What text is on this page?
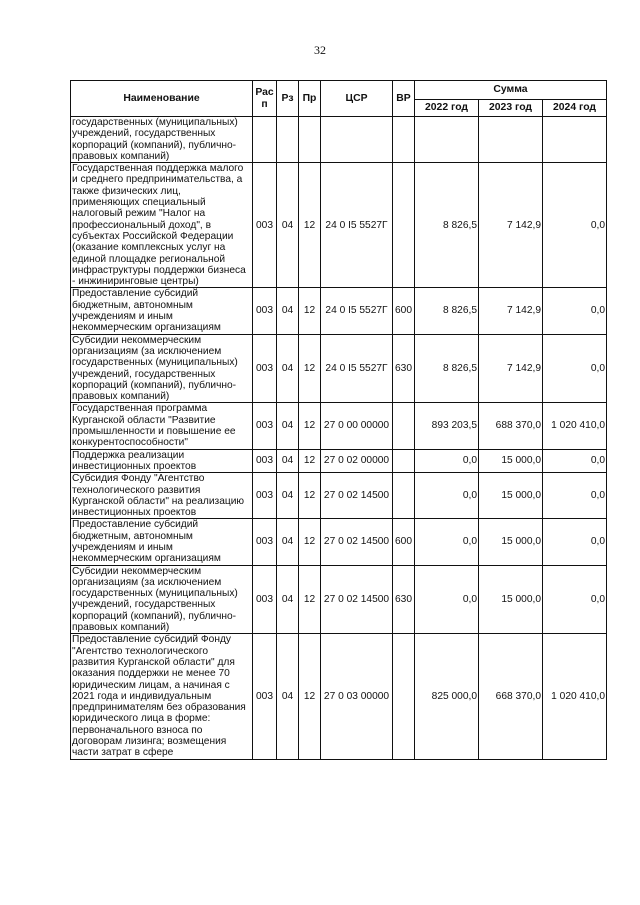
32
Наименование	Рас п	Рз	Пр	ЦСР	ВР	Сумма		
						2022 год	2023 год	2024 год
государственных (муниципальных) учреждений, государственных корпораций (компаний), публично-правовых компаний)								
Государственная поддержка малого и среднего предпринимательства, а также физических лиц, применяющих специальный налоговый режим "Налог на профессиональный доход", в субъектах Российской Федерации (оказание комплексных услуг на единой площадке региональной инфраструктуры поддержки бизнеса - инжиниринговые центры)	003	04	12	24 0 I5 5527Г		8 826,5	7 142,9	0,0
Предоставление субсидий бюджетным, автономным учреждениям и иным некоммерческим организациям	003	04	12	24 0 I5 5527Г	600	8 826,5	7 142,9	0,0
Субсидии некоммерческим организациям (за исключением государственных (муниципальных) учреждений, государственных корпораций (компаний), публично-правовых компаний)	003	04	12	24 0 I5 5527Г	630	8 826,5	7 142,9	0,0
Государственная программа Курганской области "Развитие промышленности и повышение ее конкурентоспособности"	003	04	12	27 0 00 00000		893 203,5	688 370,0	1 020 410,0
Поддержка реализации инвестиционных проектов	003	04	12	27 0 02 00000		0,0	15 000,0	0,0
Субсидия Фонду "Агентство технологического развития Курганской области" на реализацию инвестиционных проектов	003	04	12	27 0 02 14500		0,0	15 000,0	0,0
Предоставление субсидий бюджетным, автономным учреждениям и иным некоммерческим организациям	003	04	12	27 0 02 14500	600	0,0	15 000,0	0,0
Субсидии некоммерческим организациям (за исключением государственных (муниципальных) учреждений, государственных корпораций (компаний), публично-правовых компаний)	003	04	12	27 0 02 14500	630	0,0	15 000,0	0,0
Предоставление субсидий Фонду "Агентство технологического развития Курганской области" для оказания поддержки не менее 70 юридическим лицам, а начиная с 2021 года и индивидуальным предпринимателям без образования юридического лица в форме: первоначального взноса по договорам лизинга; возмещения части затрат в сфере	003	04	12	27 0 03 00000		825 000,0	668 370,0	1 020 410,0
